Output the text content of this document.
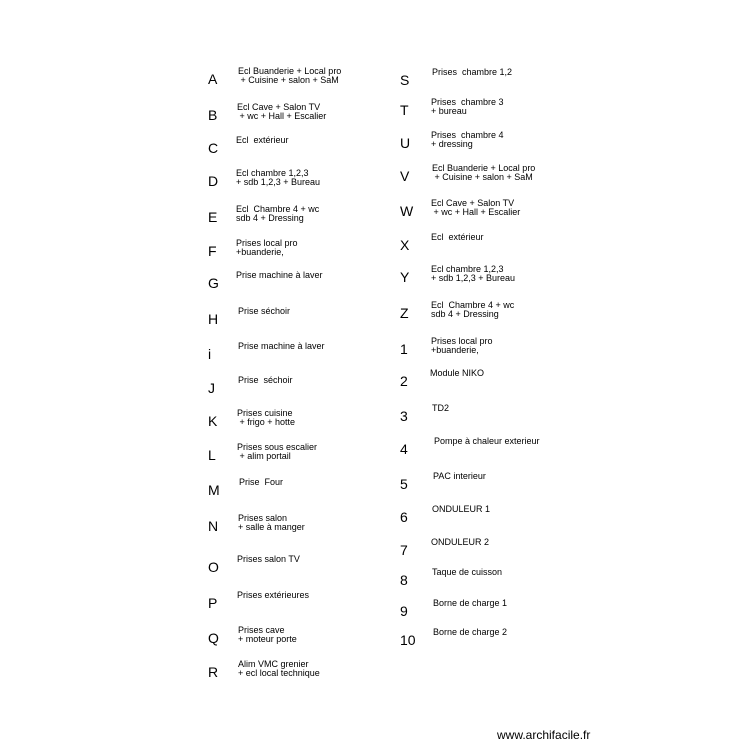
A	Ecl Buanderie + Local pro
+ Cuisine + salon + SaM
B	Ecl Cave + Salon TV
+ wc + Hall + Escalier
C	Ecl  extérieur
D	Ecl chambre 1,2,3
+ sdb 1,2,3 + Bureau
E	Ecl  Chambre 4 + wc
sdb 4 + Dressing
F	Prises local pro
+buanderie,
G	Prise machine à laver
H	Prise séchoir
i	Prise machine à laver
J	Prise  séchoir
K	Prises cuisine
+ frigo + hotte
L	Prises sous escalier
+ alim portail
M	Prise  Four
N	Prises salon
+ salle à manger
O	Prises salon TV
P	Prises extérieures
Q	Prises cave
+ moteur porte
R	Alim VMC grenier
+ ecl local technique
S	Prises  chambre 1,2
T	Prises  chambre 3
+ bureau
U	Prises  chambre 4
+ dressing
V	Ecl Buanderie + Local pro
+ Cuisine + salon + SaM
W	Ecl Cave + Salon TV
+ wc + Hall + Escalier
X	Ecl  extérieur
Y	Ecl chambre 1,2,3
+ sdb 1,2,3 + Bureau
Z	Ecl  Chambre 4 + wc
sdb 4 + Dressing
1	Prises local pro
+buanderie,
2	Module NIKO
3	TD2
4	Pompe à chaleur exterieur
5	PAC interieur
6	ONDULEUR 1
7	ONDULEUR 2
8	Taque de cuisson
9	Borne de charge 1
10	Borne de charge 2
www.archifacile.fr
